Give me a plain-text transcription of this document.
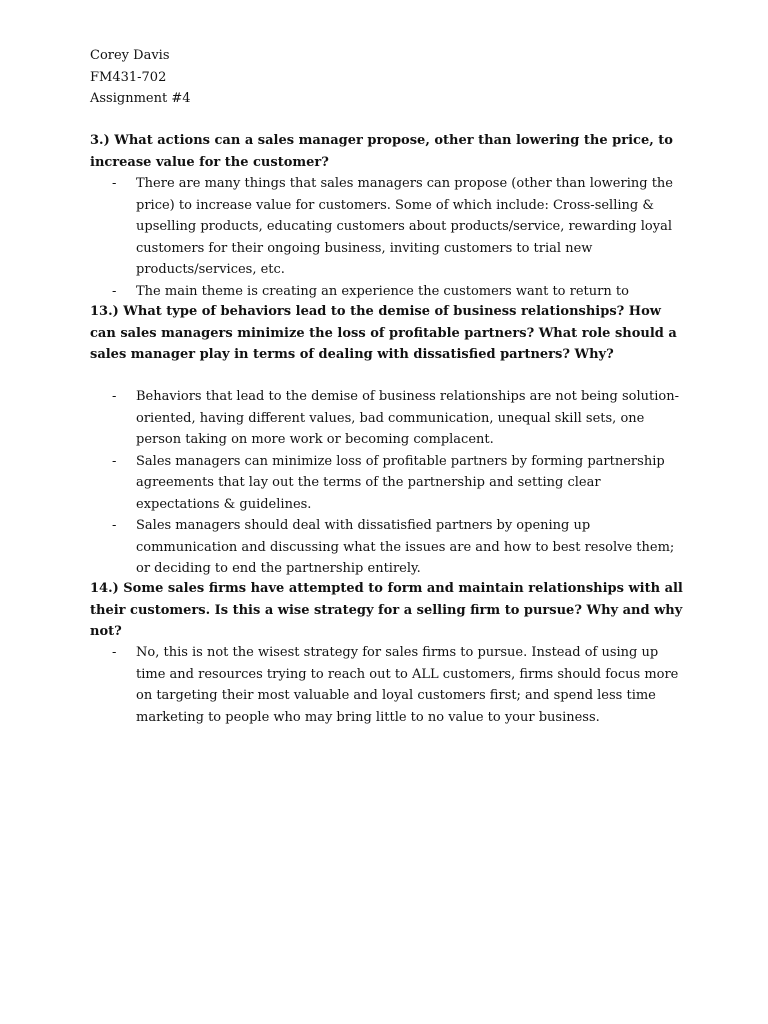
Corey Davis
FM431-702
Assignment #4
3.) What actions can a sales manager propose, other than lowering the price, to increase value for the customer?
- There are many things that sales managers can propose (other than lowering the price) to increase value for customers. Some of which include: Cross-selling & upselling products, educating customers about products/service, rewarding loyal customers for their ongoing business, inviting customers to trial new products/services, etc.
- The main theme is creating an experience the customers want to return to
13.) What type of behaviors lead to the demise of business relationships? How can sales managers minimize the loss of profitable partners? What role should a sales manager play in terms of dealing with dissatisfied partners? Why?
- Behaviors that lead to the demise of business relationships are not being solution-oriented, having different values, bad communication, unequal skill sets, one person taking on more work or becoming complacent.
- Sales managers can minimize loss of profitable partners by forming partnership agreements that lay out the terms of the partnership and setting clear expectations & guidelines.
- Sales managers should deal with dissatisfied partners by opening up communication and discussing what the issues are and how to best resolve them; or deciding to end the partnership entirely.
14.) Some sales firms have attempted to form and maintain relationships with all their customers. Is this a wise strategy for a selling firm to pursue? Why and why not?
- No, this is not the wisest strategy for sales firms to pursue. Instead of using up time and resources trying to reach out to ALL customers, firms should focus more on targeting their most valuable and loyal customers first; and spend less time marketing to people who may bring little to no value to your business.
